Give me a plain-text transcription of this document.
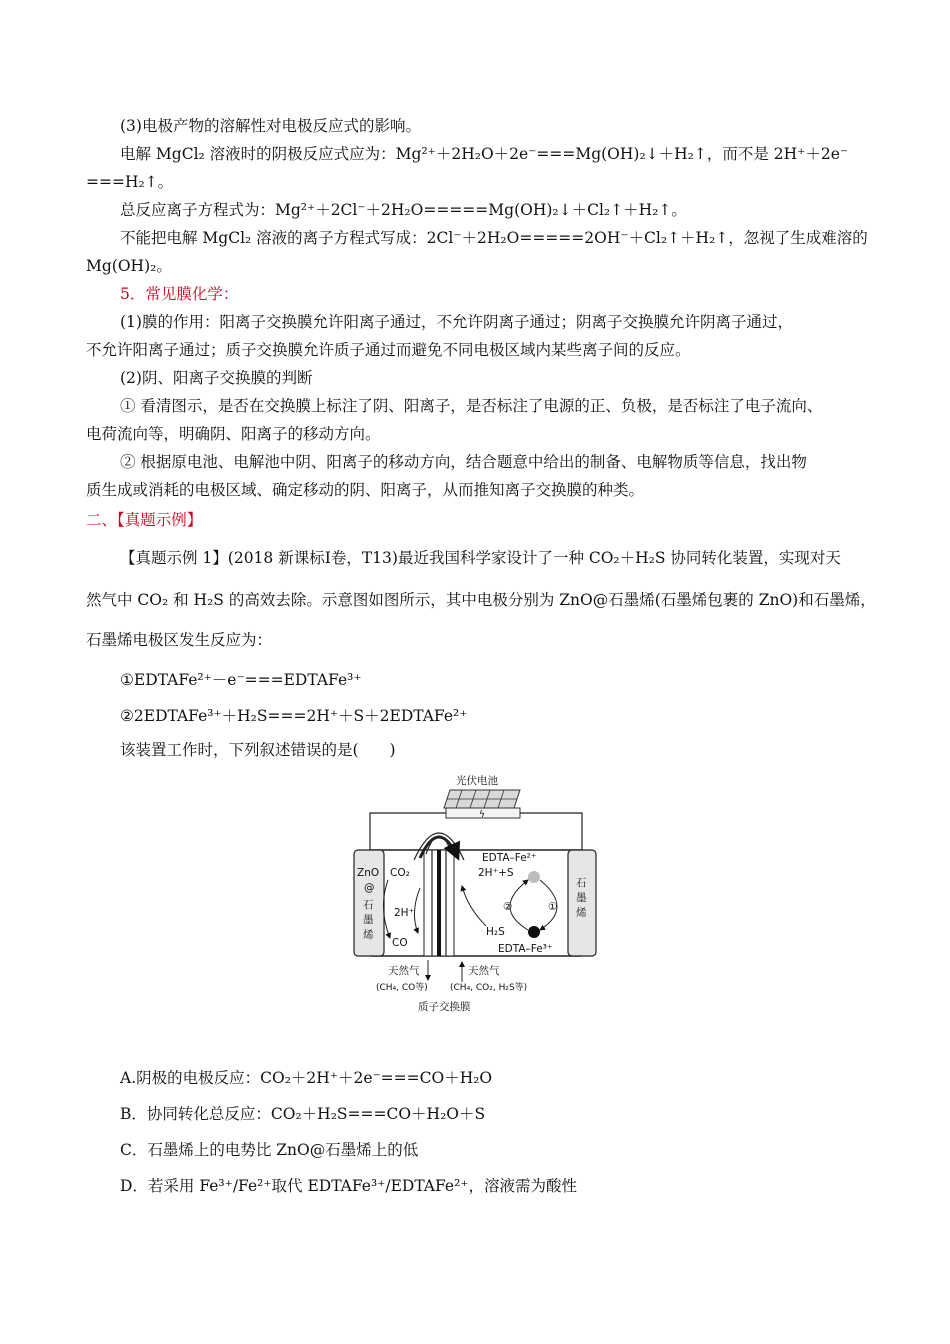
(3)电极产物的溶解性对电极反应式的影响。
电解 MgCl₂ 溶液时的阴极反应式应为：Mg²⁺＋2H₂O＋2e⁻===Mg(OH)₂↓＋H₂↑，而不是 2H⁺＋2e⁻
===H₂↑。
总反应离子方程式为：Mg²⁺＋2Cl⁻＋2H₂O=====Mg(OH)₂↓＋Cl₂↑＋H₂↑。
不能把电解 MgCl₂ 溶液的离子方程式写成：2Cl⁻＋2H₂O=====2OH⁻＋Cl₂↑＋H₂↑，忽视了生成难溶的
Mg(OH)₂。
5．常见膜化学：
(1)膜的作用：阳离子交换膜允许阳离子通过，不允许阴离子通过；阴离子交换膜允许阴离子通过，
不允许阳离子通过；质子交换膜允许质子通过而避免不同电极区域内某些离子间的反应。
(2)阴、阳离子交换膜的判断
① 看清图示，是否在交换膜上标注了阴、阳离子，是否标注了电源的正、负极，是否标注了电子流向、
电荷流向等，明确阴、阳离子的移动方向。
② 根据原电池、电解池中阴、阳离子的移动方向，结合题意中给出的制备、电解物质等信息，找出物
质生成或消耗的电极区域、确定移动的阴、阳离子，从而推知离子交换膜的种类。
二、【真题示例】
【真题示例 1】(2018 新课标Ⅰ卷，T13)最近我国科学家设计了一种 CO₂＋H₂S 协同转化装置，实现对天
然气中 CO₂ 和 H₂S 的高效去除。示意图如图所示，其中电极分别为 ZnO@石墨烯(石墨烯包裹的 ZnO)和石墨烯，
石墨烯电极区发生反应为：
①EDTAFe²⁺－e⁻===EDTAFe³⁺
②2EDTAFe³⁺＋H₂S===2H⁺＋S＋2EDTAFe²⁺
该装置工作时，下列叙述错误的是(　　)
光伏电池
ϟ
ZnO
@
石
墨
烯
石
墨
烯
CO₂
2H⁺
CO
EDTA–Fe²⁺
2H⁺+S
②	①
H₂S
EDTA–Fe³⁺
天然气
(CH₄, CO等)
天然气
(CH₄, CO₂, H₂S等)
质子交换膜
A.阴极的电极反应：CO₂＋2H⁺＋2e⁻===CO＋H₂O
B．协同转化总反应：CO₂＋H₂S===CO＋H₂O＋S
C．石墨烯上的电势比 ZnO@石墨烯上的低
D．若采用 Fe³⁺/Fe²⁺取代 EDTAFe³⁺/EDTAFe²⁺，溶液需为酸性
